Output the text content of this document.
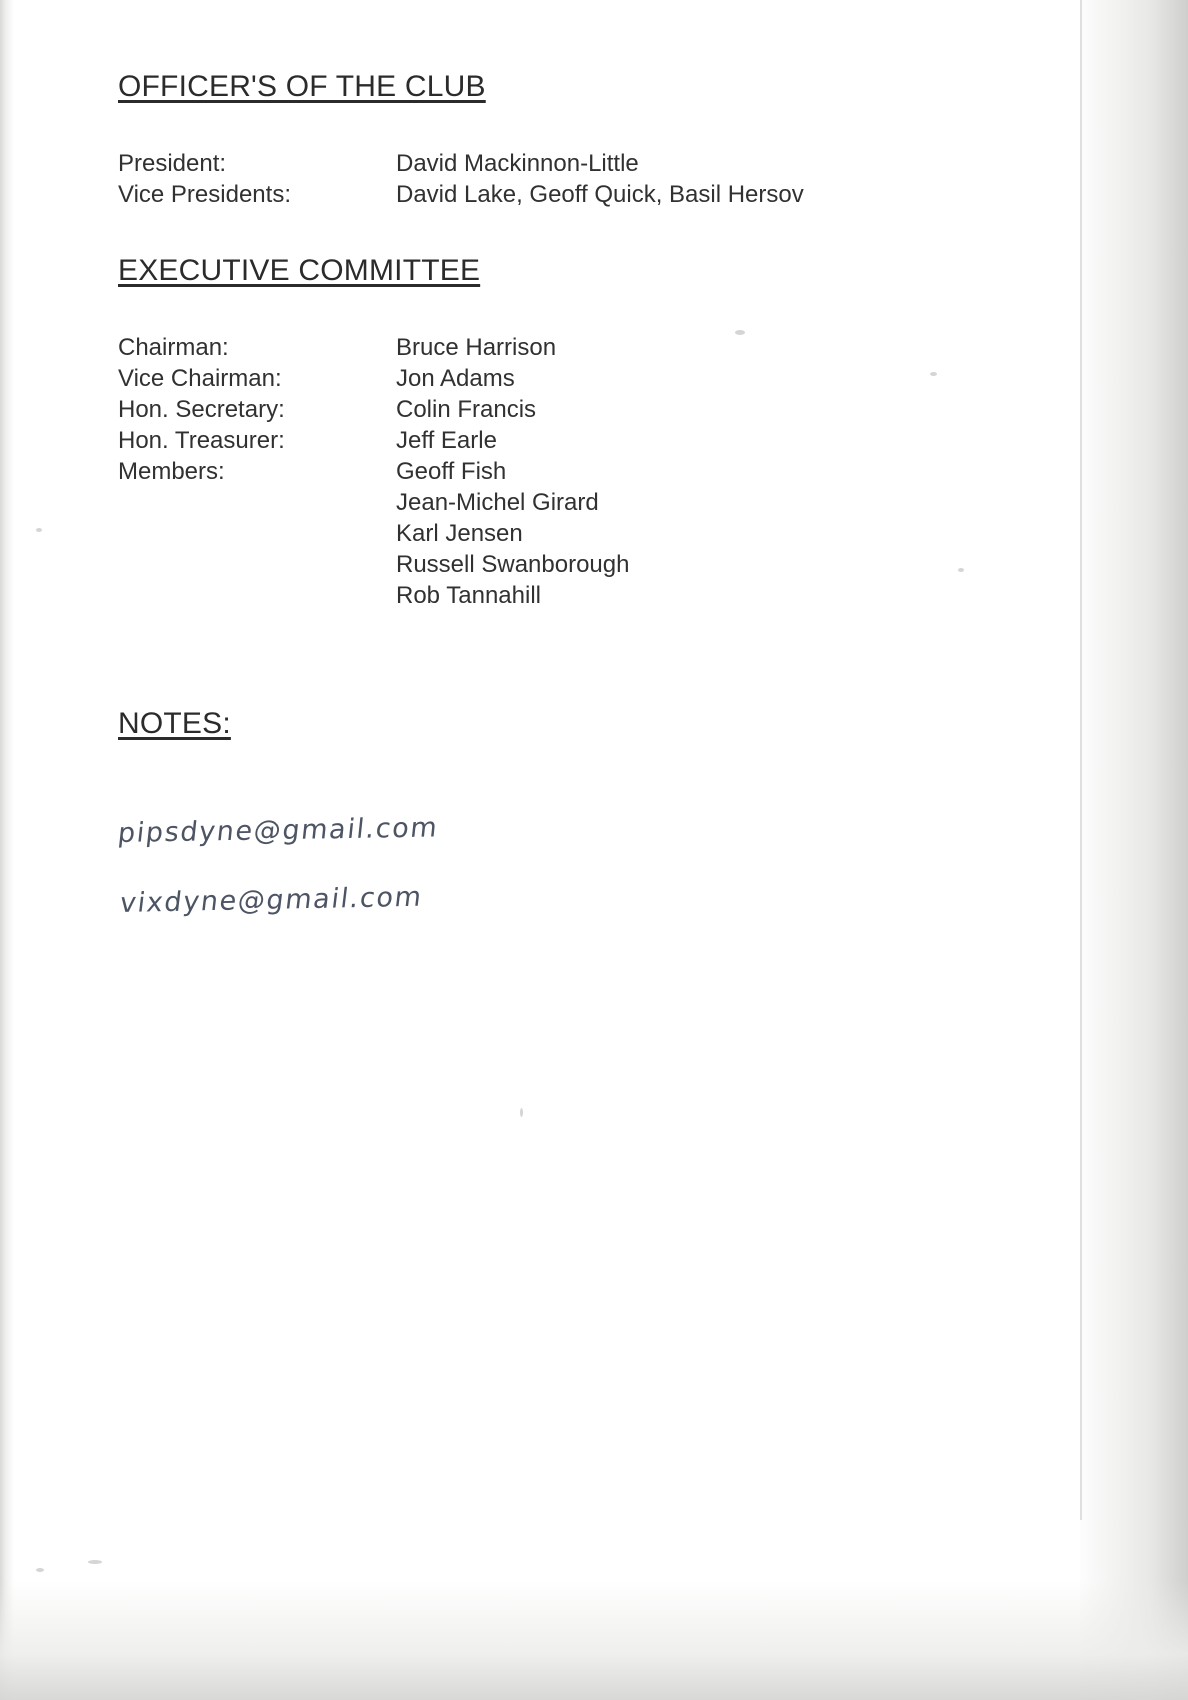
OFFICER'S OF THE CLUB
President:	David Mackinnon-Little
Vice Presidents:	David Lake, Geoff Quick, Basil Hersov
EXECUTIVE COMMITTEE
Chairman:	Bruce Harrison
Vice Chairman:	Jon Adams
Hon. Secretary:	Colin Francis
Hon. Treasurer:	Jeff Earle
Members:	Geoff Fish
Jean-Michel Girard
Karl Jensen
Russell Swanborough
Rob Tannahill
NOTES:
pipsdyne@gmail.com
vixdyne@gmail.com
